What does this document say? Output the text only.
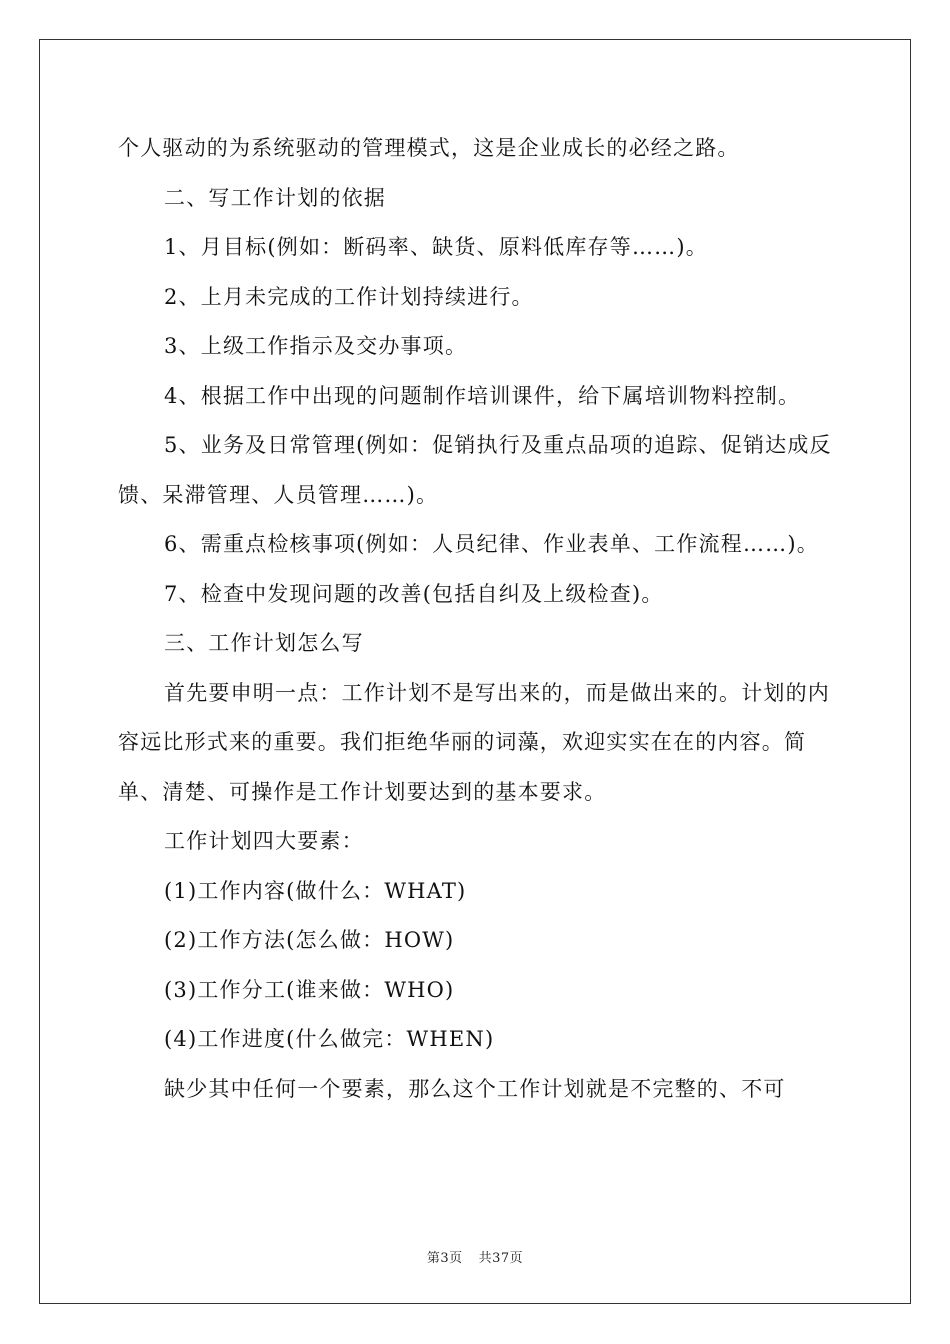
个人驱动的为系统驱动的管理模式，这是企业成长的必经之路。

二、写工作计划的依据

1、月目标(例如：断码率、缺货、原料低库存等……)。

2、上月未完成的工作计划持续进行。

3、上级工作指示及交办事项。

4、根据工作中出现的问题制作培训课件，给下属培训物料控制。

5、业务及日常管理(例如：促销执行及重点品项的追踪、促销达成反馈、呆滞管理、人员管理……)。

6、需重点检核事项(例如：人员纪律、作业表单、工作流程……)。

7、检查中发现问题的改善(包括自纠及上级检查)。

三、工作计划怎么写

首先要申明一点：工作计划不是写出来的，而是做出来的。计划的内容远比形式来的重要。我们拒绝华丽的词藻，欢迎实实在在的内容。简单、清楚、可操作是工作计划要达到的基本要求。

工作计划四大要素：

(1)工作内容(做什么：WHAT)

(2)工作方法(怎么做：HOW)

(3)工作分工(谁来做：WHO)

(4)工作进度(什么做完：WHEN)

缺少其中任何一个要素，那么这个工作计划就是不完整的、不可

第3页 共37页
